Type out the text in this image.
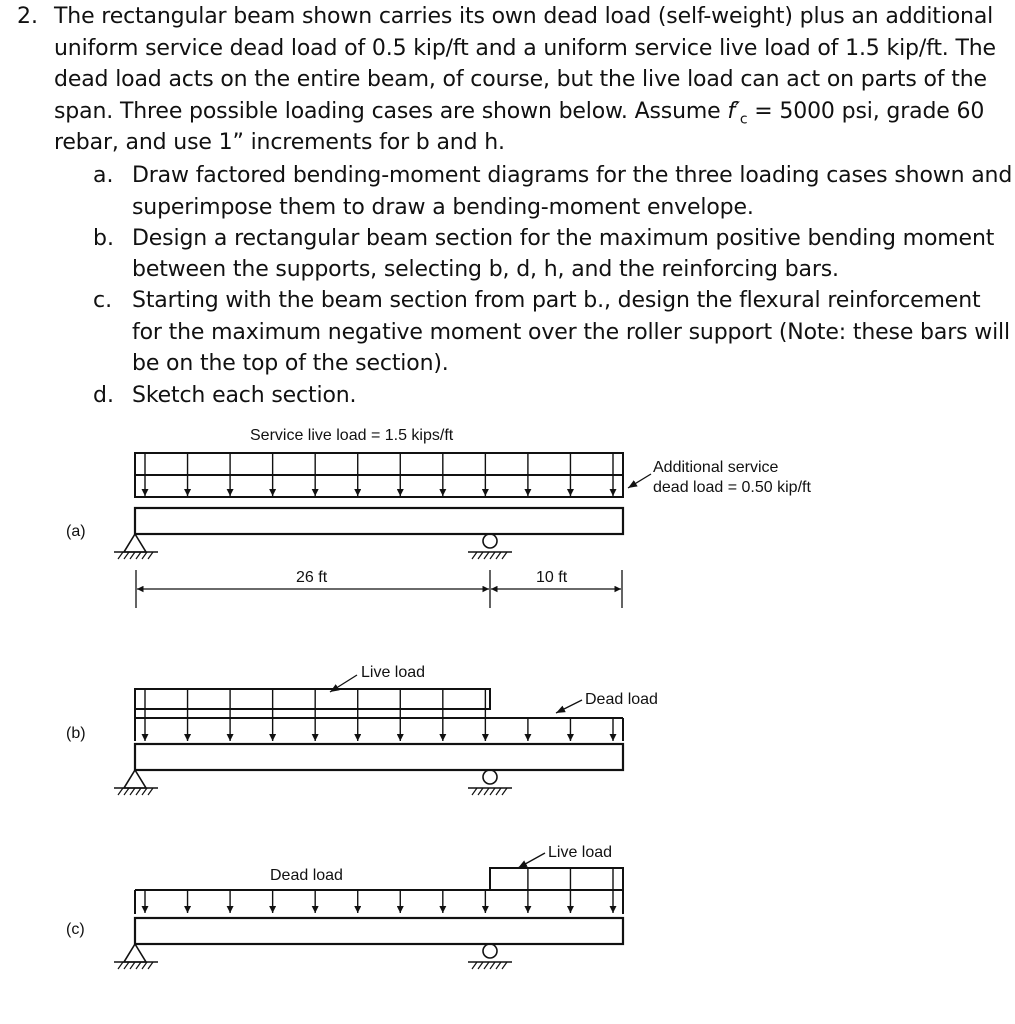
2. The rectangular beam shown carries its own dead load (self-weight) plus an additional
uniform service dead load of 0.5 kip/ft and a uniform service live load of 1.5 kip/ft. The
dead load acts on the entire beam, of course, but the live load can act on parts of the
span. Three possible loading cases are shown below. Assume $f'_c = 5000$ psi, grade 60
rebar, and use 1” increments for b and h.
a. Draw factored bending-moment diagrams for the three loading cases shown and
superimpose them to draw a bending-moment envelope.
b. Design a rectangular beam section for the maximum positive bending moment
between the supports, selecting b, d, h, and the reinforcing bars.
c. Starting with the beam section from part b., design the flexural reinforcement
for the maximum negative moment over the roller support (Note: these bars will
be on the top of the section).
d. Sketch each section.
(a)
Service live load = 1.5 kips/ft
Additional service
dead load = 0.50 kip/ft
26 ft	10 ft
(b)
Live load
Dead load
(c)
Dead load
Live load
